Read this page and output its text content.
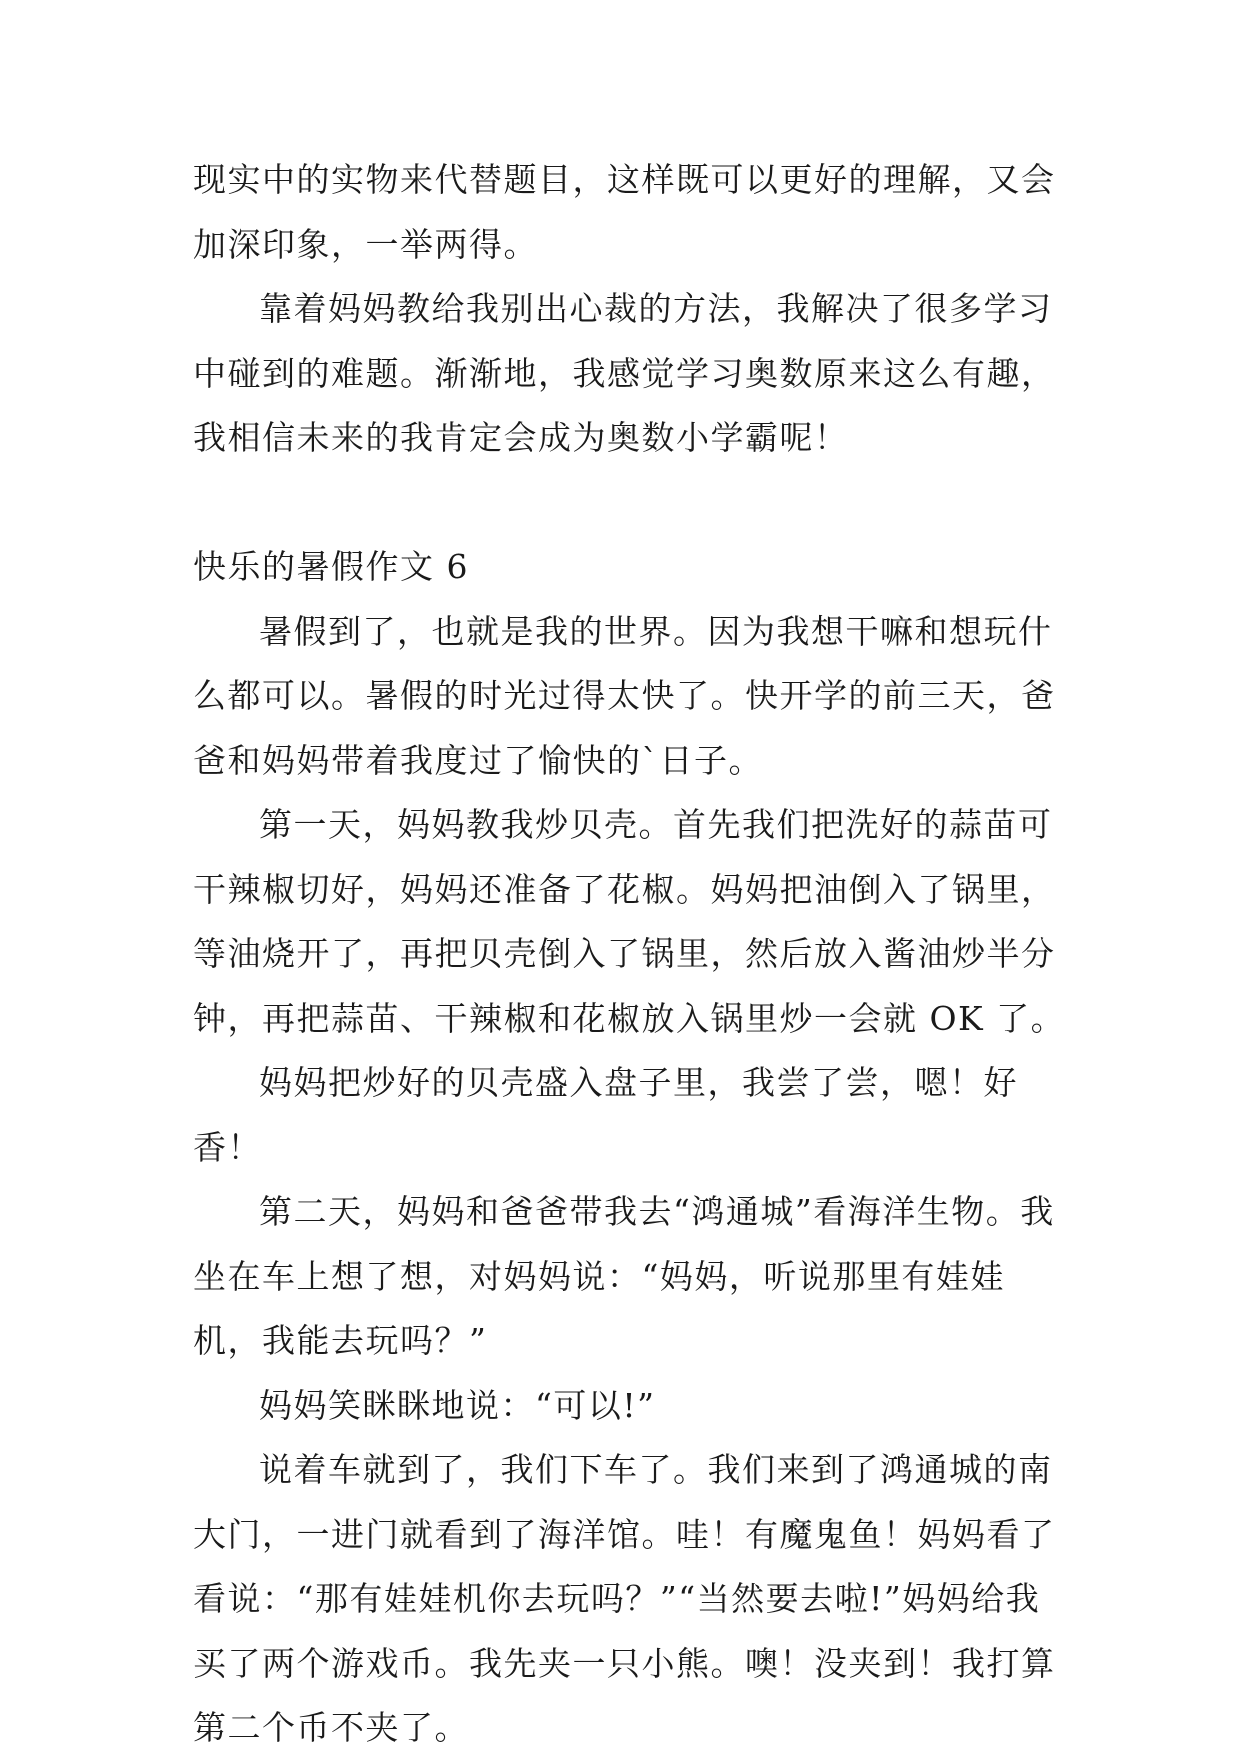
现实中的实物来代替题目，这样既可以更好的理解，又会加深印象，一举两得。

靠着妈妈教给我别出心裁的方法，我解决了很多学习中碰到的难题。渐渐地，我感觉学习奥数原来这么有趣，我相信未来的我肯定会成为奥数小学霸呢！

快乐的暑假作文 6

暑假到了，也就是我的世界。因为我想干嘛和想玩什么都可以。暑假的时光过得太快了。快开学的前三天，爸爸和妈妈带着我度过了愉快的`日子。

第一天，妈妈教我炒贝壳。首先我们把洗好的蒜苗可干辣椒切好，妈妈还准备了花椒。妈妈把油倒入了锅里，等油烧开了，再把贝壳倒入了锅里，然后放入酱油炒半分钟，再把蒜苗、干辣椒和花椒放入锅里炒一会就 OK 了。

妈妈把炒好的贝壳盛入盘子里，我尝了尝，嗯！好香！

第二天，妈妈和爸爸带我去“鸿通城”看海洋生物。我坐在车上想了想，对妈妈说：“妈妈，听说那里有娃娃机，我能去玩吗？”

妈妈笑眯眯地说：“可以!”

说着车就到了，我们下车了。我们来到了鸿通城的南大门，一进门就看到了海洋馆。哇！有魔鬼鱼！妈妈看了看说：“那有娃娃机你去玩吗？”“当然要去啦!”妈妈给我买了两个游戏币。我先夹一只小熊。噢！没夹到！我打算第二个币不夹了。
